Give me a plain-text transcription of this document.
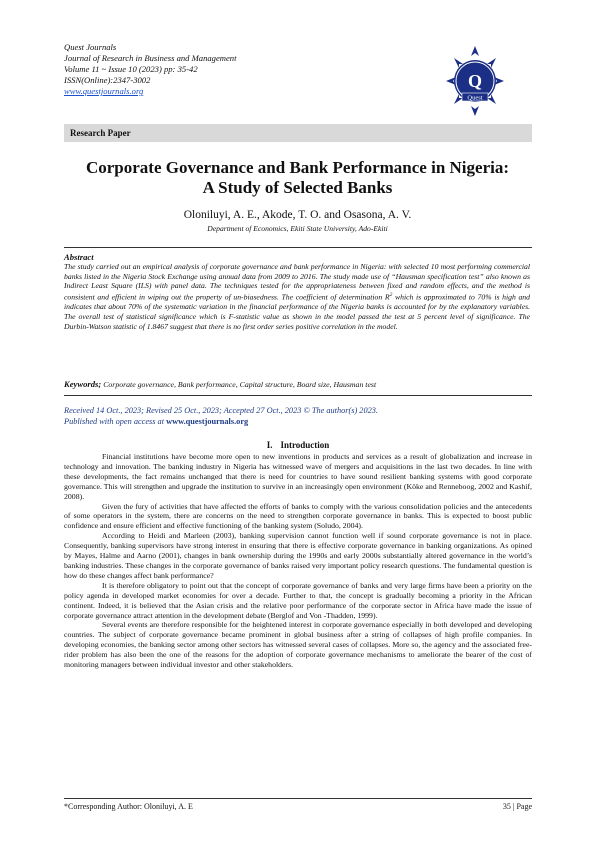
Quest Journals
Journal of Research in Business and Management
Volume 11 ~ Issue 10 (2023) pp: 35-42
ISSN(Online):2347-3002
www.questjournals.org	Q
Quest
Research Paper
Corporate Governance and Bank Performance in Nigeria:
A Study of Selected Banks
Oloniluyi, A. E., Akode, T. O. and Osasona, A. V.
Department of Economics, Ekiti State University, Ado-Ekiti
Abstract
The study carried out an empirical analysis of corporate governance and bank performance in Nigeria: with selected 10 most performing commercial banks listed in the Nigeria Stock Exchange using annual data from 2009 to 2016. The study made use of “Hausman specification test” also known as Indirect Least Square (ILS) with panel data. The techniques tested for the appropriateness between fixed and random effects, and the method is consistent and efficient in wiping out the property of un-biasedness. The coefficient of determination $R^2$ which is approximated to 70% is high and indicates that about 70% of the systematic variation in the financial performance of the Nigeria banks is accounted for by the explanatory variables. The overall test of statistical significance which is F-statistic value as shown in the model passed the test at 5 percent level of significance. The Durbin-Watson statistic of 1.8467 suggest that there is no first order series positive correlation in the model.
Keywords; Corporate governance, Bank performance, Capital structure, Board size, Hausman test
Received 14 Oct., 2023; Revised 25 Oct., 2023; Accepted 27 Oct., 2023 © The author(s) 2023.
Published with open access at www.questjournals.org
I. Introduction

Financial institutions have become more open to new inventions in products and services as a result of globalization and increase in technology and innovation. The banking industry in Nigeria has witnessed wave of mergers and acquisitions in the last two decades. In line with these developments, the fact remains unchanged that there is need for countries to have sound resilient banking systems with good corporate governance. This will strengthen and upgrade the institution to survive in an increasingly open environment (Köke and Renneboog, 2002 and Kashif, 2008).

Given the fury of activities that have affected the efforts of banks to comply with the various consolidation policies and the antecedents of some operators in the system, there are concerns on the need to strengthen corporate governance in banks. This is expected to boost public confidence and ensure efficient and effective functioning of the banking system (Soludo, 2004).

According to Heidi and Marleen (2003), banking supervision cannot function well if sound corporate governance is not in place. Consequently, banking supervisors have strong interest in ensuring that there is effective corporate governance in banking organizations. As opined by Mayes, Halme and Aarno (2001), changes in bank ownership during the 1990s and early 2000s substantially altered governance in the world’s banking industries. These changes in the corporate governance of banks raised very important policy research questions. The fundamental question is how do these changes affect bank performance?

It is therefore obligatory to point out that the concept of corporate governance of banks and very large firms have been a priority on the policy agenda in developed market economies for over a decade. Further to that, the concept is gradually becoming a priority in the African continent. Indeed, it is believed that the Asian crisis and the relative poor performance of the corporate sector in Africa have made the issue of corporate governance attract attention in the development debate (Berglof and Von -Thadden, 1999).

Several events are therefore responsible for the heightened interest in corporate governance especially in both developed and developing countries. The subject of corporate governance became prominent in global business after a string of collapses of high profile companies. In developing economies, the banking sector among other sectors has witnessed several cases of collapses. More so, the agency and the associated free-rider problem has also been the one of the reasons for the adoption of corporate governance mechanisms to ameliorate the bearer of the cost of monitoring managers between individual investor and other stakeholders.

*Corresponding Author: Oloniluyi, A. E	35 | Page
